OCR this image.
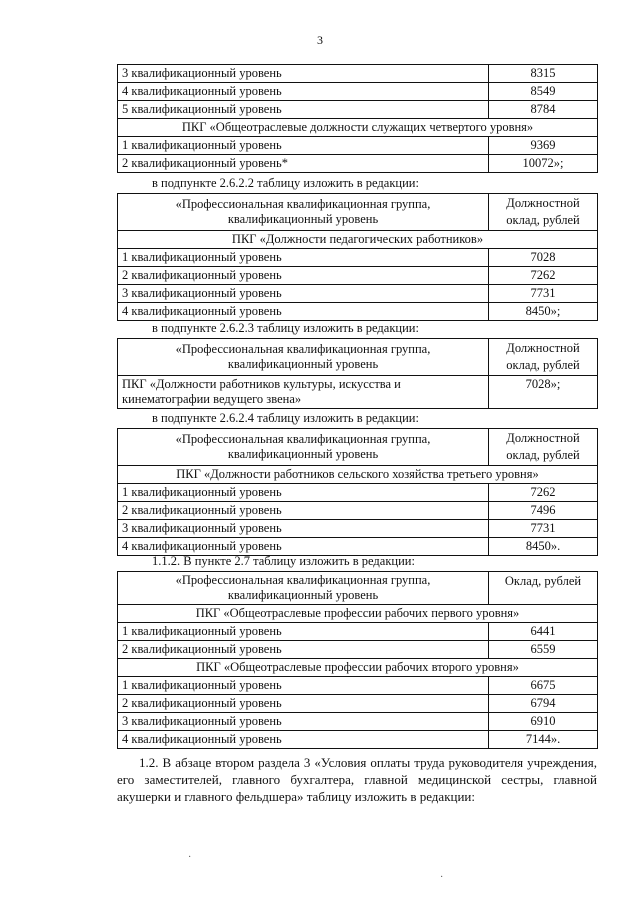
3
3 квалификационный уровень	8315
4 квалификационный уровень	8549
5 квалификационный уровень	8784
ПКГ «Общеотраслевые должности служащих четвертого уровня»	
1 квалификационный уровень	9369
2 квалификационный уровень*	10072»;
в подпункте 2.6.2.2 таблицу изложить в редакции:
«Профессиональная квалификационная группа, квалификационный уровень	Должностной оклад, рублей
ПКГ «Должности педагогических работников»	
1 квалификационный уровень	7028
2 квалификационный уровень	7262
3 квалификационный уровень	7731
4 квалификационный уровень	8450»;
в подпункте 2.6.2.3 таблицу изложить в редакции:
«Профессиональная квалификационная группа, квалификационный уровень	Должностной оклад, рублей
ПКГ «Должности работников культуры, искусства и кинематографии ведущего звена»	7028»;
в подпункте 2.6.2.4 таблицу изложить в редакции:
«Профессиональная квалификационная группа, квалификационный уровень	Должностной оклад, рублей
ПКГ «Должности работников сельского хозяйства третьего уровня»	
1 квалификационный уровень	7262
2 квалификационный уровень	7496
3 квалификационный уровень	7731
4 квалификационный уровень	8450».
1.1.2. В пункте 2.7 таблицу изложить в редакции:
«Профессиональная квалификационная группа, квалификационный уровень	Оклад, рублей
ПКГ «Общеотраслевые профессии рабочих первого уровня»	
1 квалификационный уровень	6441
2 квалификационный уровень	6559
ПКГ «Общеотраслевые профессии рабочих второго уровня»	
1 квалификационный уровень	6675
2 квалификационный уровень	6794
3 квалификационный уровень	6910
4 квалификационный уровень	7144».
1.2. В абзаце втором раздела 3 «Условия оплаты труда руководителя учреждения, его заместителей, главного бухгалтера, главной медицинской сестры, главной акушерки и главного фельдшера» таблицу изложить в редакции:
·
·
